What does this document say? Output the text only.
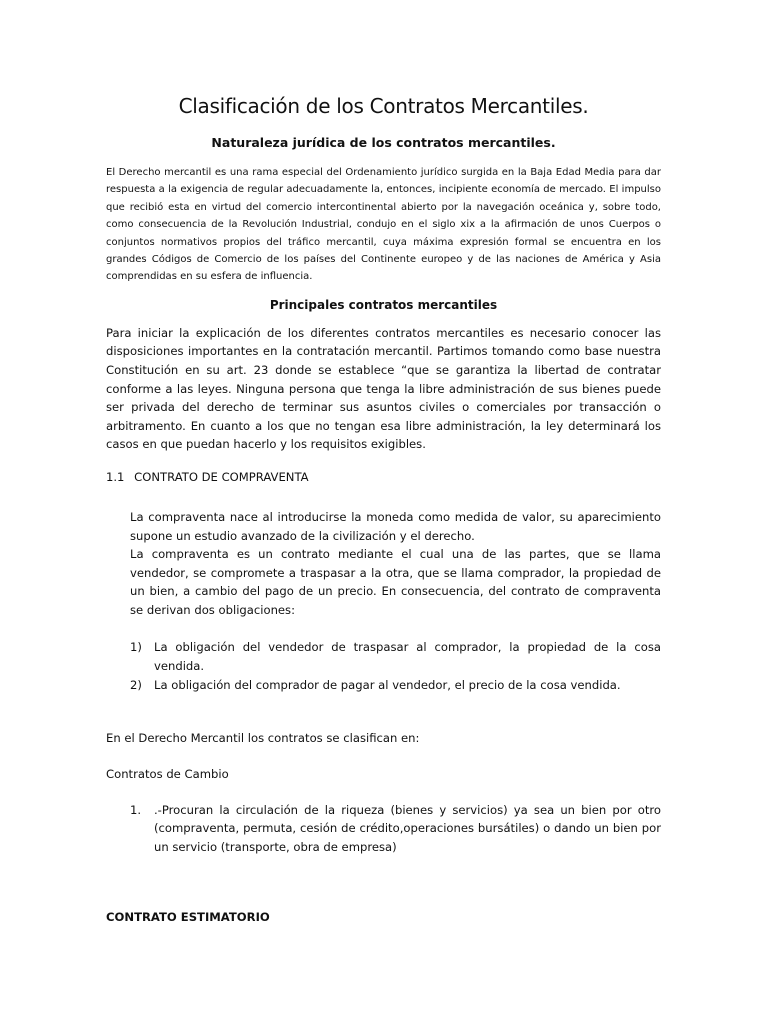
Clasificación de los Contratos Mercantiles.
Naturaleza jurídica de los contratos mercantiles.

El Derecho mercantil es una rama especial del Ordenamiento jurídico surgida en la Baja Edad Media para dar respuesta a la exigencia de regular adecuadamente la, entonces, incipiente economía de mercado. El impulso que recibió esta en virtud del comercio intercontinental abierto por la navegación oceánica y, sobre todo, como consecuencia de la Revolución Industrial, condujo en el siglo xix a la afirmación de unos Cuerpos o conjuntos normativos propios del tráfico mercantil, cuya máxima expresión formal se encuentra en los grandes Códigos de Comercio de los países del Continente europeo y de las naciones de América y Asia comprendidas en su esfera de influencia.

Principales contratos mercantiles

Para iniciar la explicación de los diferentes contratos mercantiles es necesario conocer las disposiciones importantes en la contratación mercantil. Partimos tomando como base nuestra Constitución en su art. 23 donde se establece “que se garantiza la libertad de contratar conforme a las leyes. Ninguna persona que tenga la libre administración de sus bienes puede ser privada del derecho de terminar sus asuntos civiles o comerciales por transacción o arbitramento. En cuanto a los que no tengan esa libre administración, la ley determinará los casos en que puedan hacerlo y los requisitos exigibles.

1.1 CONTRATO DE COMPRAVENTA

La compraventa nace al introducirse la moneda como medida de valor, su aparecimiento supone un estudio avanzado de la civilización y el derecho.

La compraventa es un contrato mediante el cual una de las partes, que se llama vendedor, se compromete a traspasar a la otra, que se llama comprador, la propiedad de un bien, a cambio del pago de un precio. En consecuencia, del contrato de compraventa se derivan dos obligaciones:

1)	La obligación del vendedor de traspasar al comprador, la propiedad de la cosa vendida.
2)	La obligación del comprador de pagar al vendedor, el precio de la cosa vendida.

En el Derecho Mercantil los contratos se clasifican en:

Contratos de Cambio

1.	.-Procuran la circulación de la riqueza (bienes y servicios) ya sea un bien por otro (compraventa, permuta, cesión de crédito,operaciones bursátiles) o dando un bien por un servicio (transporte, obra de empresa)

CONTRATO ESTIMATORIO
